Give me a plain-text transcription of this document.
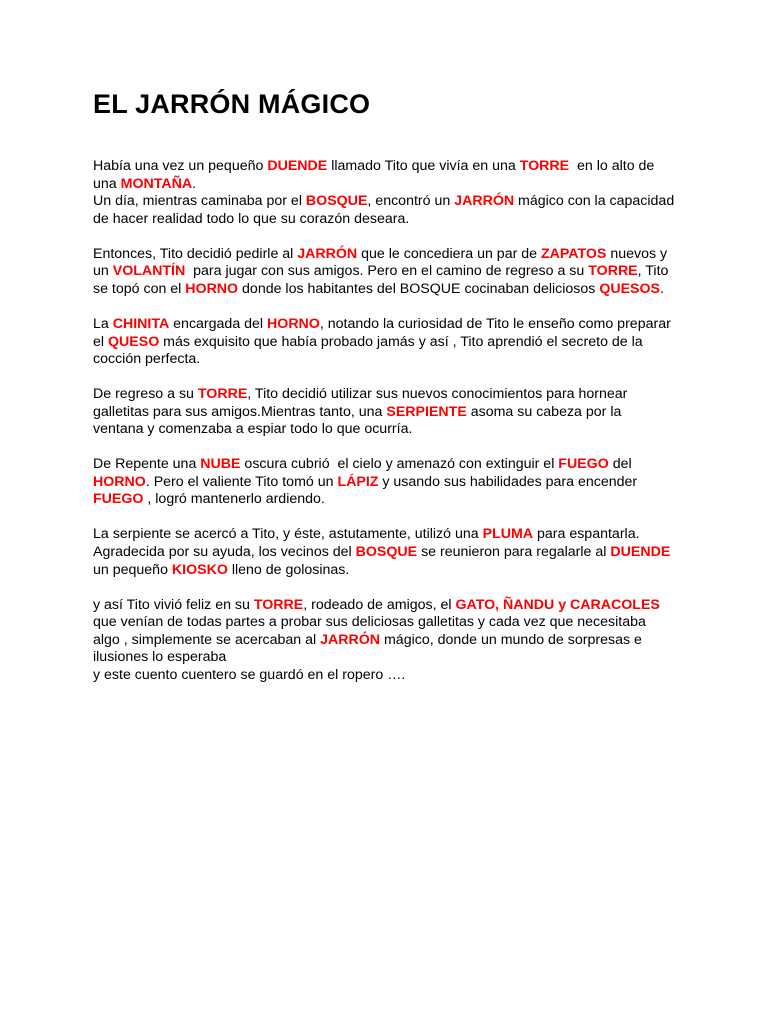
EL JARRÓN MÁGICO
Había una vez un pequeño DUENDE llamado Tito que vivía en una TORRE  en lo alto de
una MONTAÑA.
Un día, mientras caminaba por el BOSQUE, encontró un JARRÓN mágico con la capacidad
de hacer realidad todo lo que su corazón deseara.
Entonces, Tito decidió pedirle al JARRÓN que le concediera un par de ZAPATOS nuevos y
un VOLANTÍN  para jugar con sus amigos. Pero en el camino de regreso a su TORRE, Tito
se topó con el HORNO donde los habitantes del BOSQUE cocinaban deliciosos QUESOS.
La CHINITA encargada del HORNO, notando la curiosidad de Tito le enseño como preparar
el QUESO más exquisito que había probado jamás y así , Tito aprendió el secreto de la
cocción perfecta.
De regreso a su TORRE, Tito decidió utilizar sus nuevos conocimientos para hornear
galletitas para sus amigos.Mientras tanto, una SERPIENTE asoma su cabeza por la
ventana y comenzaba a espiar todo lo que ocurría.
De Repente una NUBE oscura cubrió  el cielo y amenazó con extinguir el FUEGO del
HORNO. Pero el valiente Tito tomó un LÁPIZ y usando sus habilidades para encender
FUEGO , logró mantenerlo ardiendo.
La serpiente se acercó a Tito, y éste, astutamente, utilizó una PLUMA para espantarla.
Agradecida por su ayuda, los vecinos del BOSQUE se reunieron para regalarle al DUENDE
un pequeño KIOSKO lleno de golosinas.
y así Tito vivió feliz en su TORRE, rodeado de amigos, el GATO, ÑANDU y CARACOLES
que venían de todas partes a probar sus deliciosas galletitas y cada vez que necesitaba
algo , simplemente se acercaban al JARRÓN mágico, donde un mundo de sorpresas e
ilusiones lo esperaba
y este cuento cuentero se guardó en el ropero ….
